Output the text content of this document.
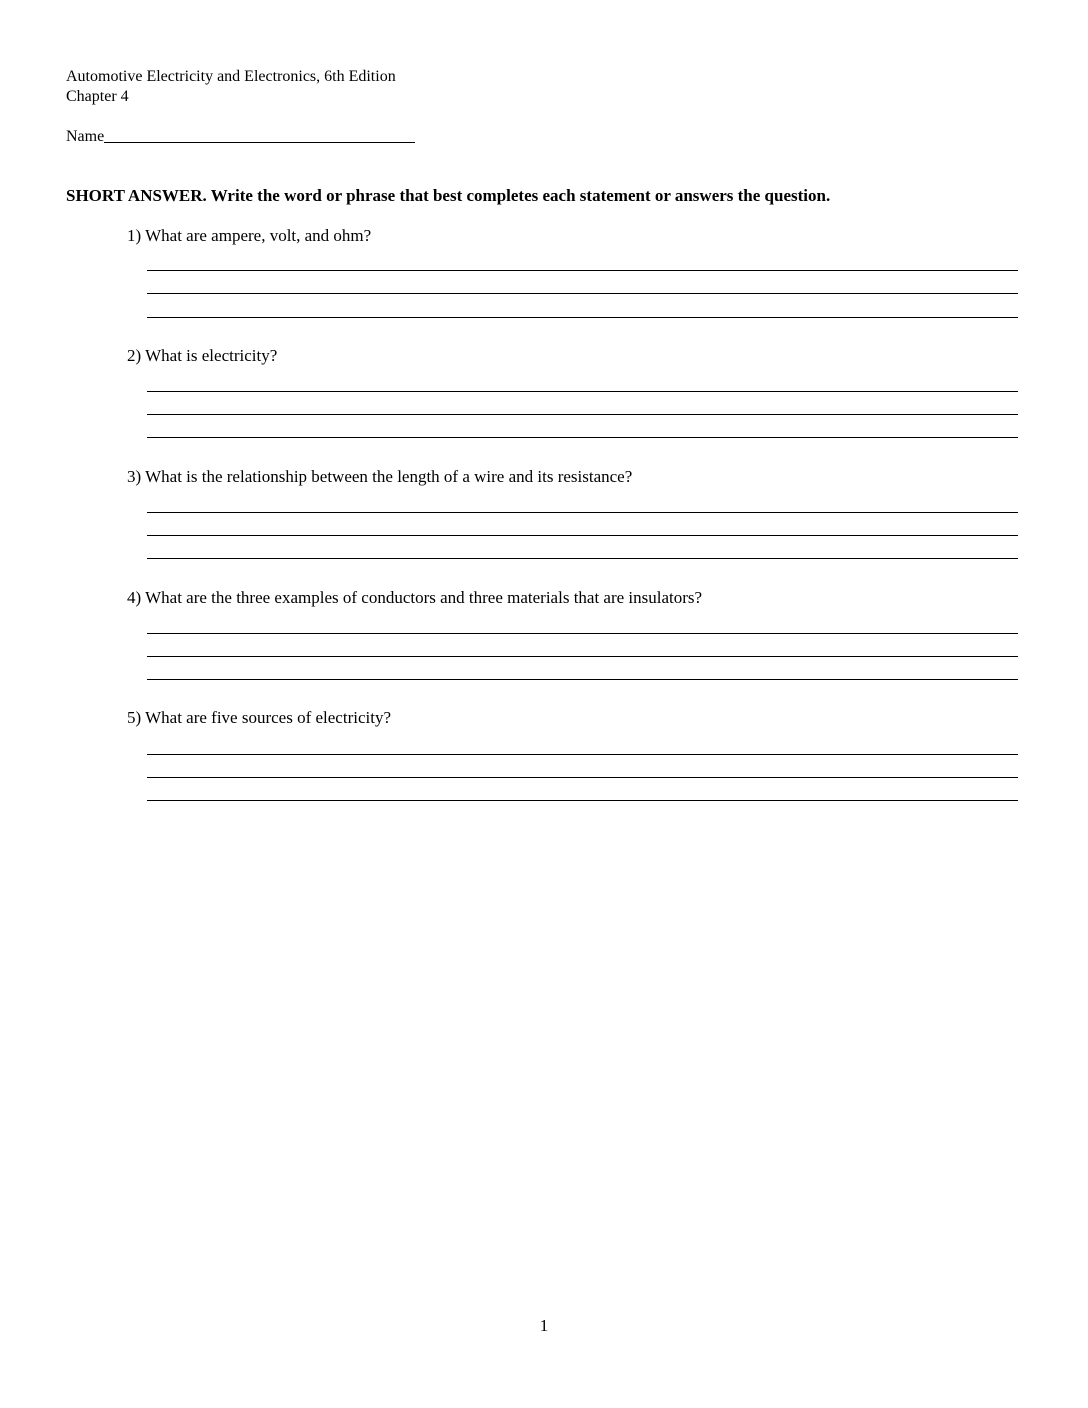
Automotive Electricity and Electronics, 6th Edition
Chapter 4
Name
SHORT ANSWER. Write the word or phrase that best completes each statement or answers the question.
1) What are ampere, volt, and ohm?
2) What is electricity?
3) What is the relationship between the length of a wire and its resistance?
4) What are the three examples of conductors and three materials that are insulators?
5) What are five sources of electricity?
1
